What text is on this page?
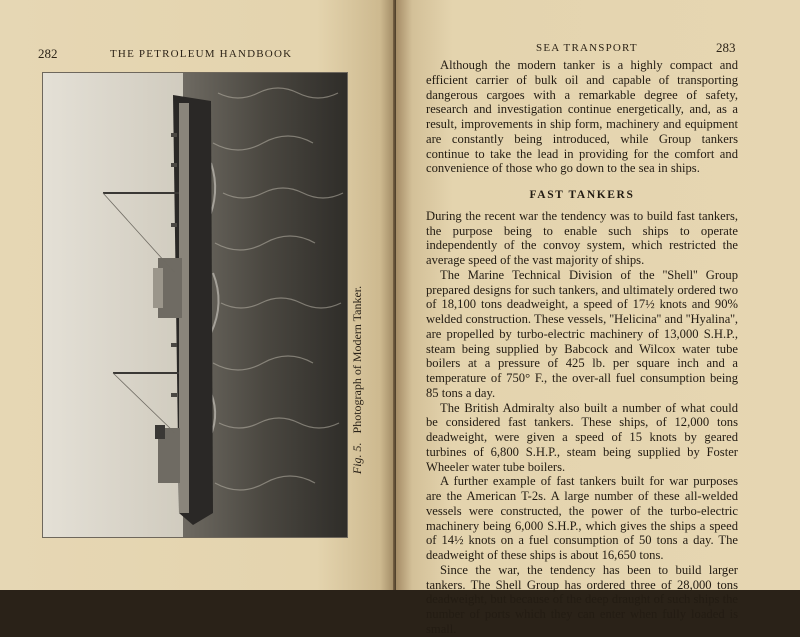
282	THE PETROLEUM HANDBOOK
Fig. 5. Photograph of Modern Tanker.
SEA TRANSPORT	283

Although the modern tanker is a highly compact and efficient carrier of bulk oil and capable of transporting dangerous cargoes with a remarkable degree of safety, research and investigation continue energetically, and, as a result, improvements in ship form, machinery and equipment are constantly being introduced, while Group tankers continue to take the lead in providing for the comfort and convenience of those who go down to the sea in ships.

FAST TANKERS

During the recent war the tendency was to build fast tankers, the purpose being to enable such ships to operate independently of the convoy system, which restricted the average speed of the vast majority of ships.

The Marine Technical Division of the ''Shell'' Group prepared designs for such tankers, and ultimately ordered two of 18,100 tons deadweight, a speed of 17½ knots and 90% welded construction. These vessels, ''Helicina'' and ''Hyalina'', are propelled by turbo-electric machinery of 13,000 S.H.P., steam being supplied by Babcock and Wilcox water tube boilers at a pressure of 425 lb. per square inch and a temperature of 750° F., the over-all fuel consumption being 85 tons a day.

The British Admiralty also built a number of what could be considered fast tankers. These ships, of 12,000 tons deadweight, were given a speed of 15 knots by geared turbines of 6,800 S.H.P., steam being supplied by Foster Wheeler water tube boilers.

A further example of fast tankers built for war purposes are the American T-2s. A large number of these all-welded vessels were constructed, the power of the turbo-electric machinery being 6,000 S.H.P., which gives the ships a speed of 14½ knots on a fuel consumption of 50 tons a day. The deadweight of these ships is about 16,650 tons.

Since the war, the tendency has been to build larger tankers. The Shell Group has ordered three of 28,000 tons deadweight, but because of the deep draught of such ships the number of ports which they can enter when fully loaded is small.
